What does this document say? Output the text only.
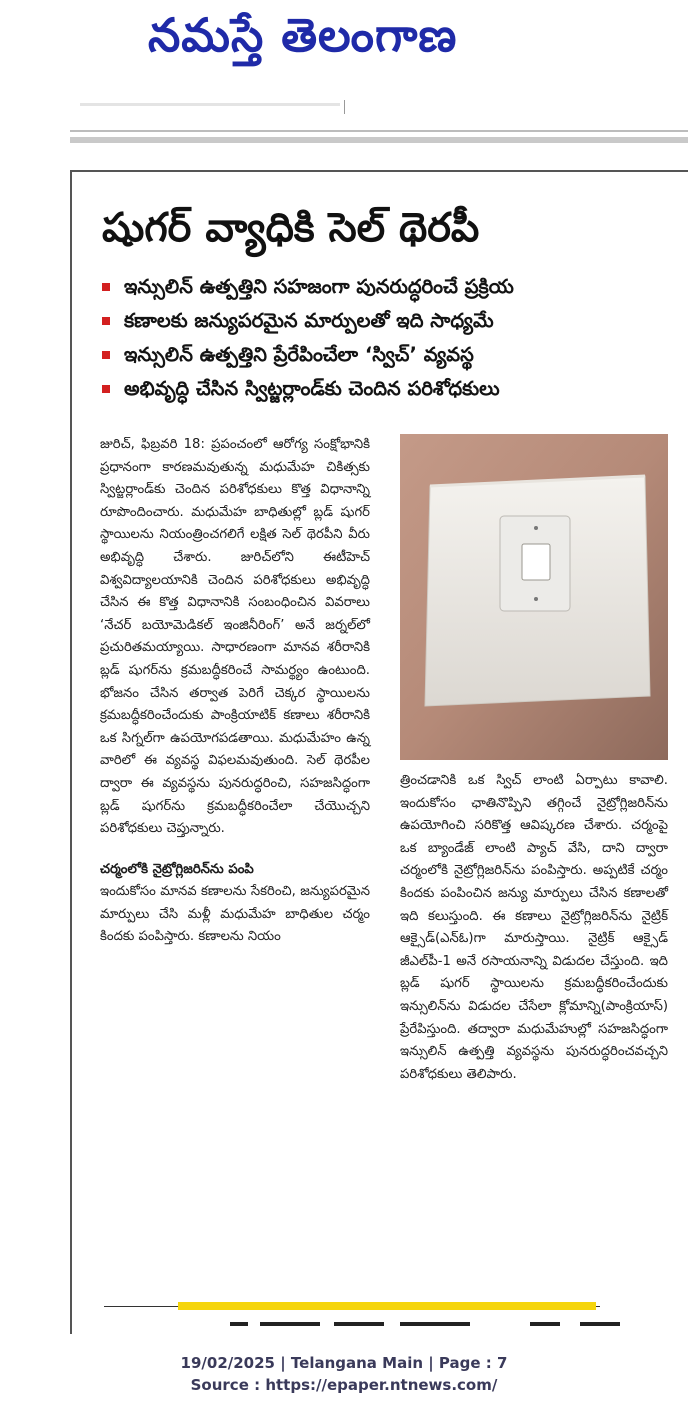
నమస్తే తెలంగాణ
షుగర్ వ్యాధికి సెల్ థెరపీ
ఇన్సులిన్ ఉత్పత్తిని సహజంగా పునరుద్ధరించే ప్రక్రియ
కణాలకు జన్యుపరమైన మార్పులతో ఇది సాధ్యమే
ఇన్సులిన్ ఉత్పత్తిని ప్రేరేపించేలా ‘స్విచ్’ వ్యవస్థ
అభివృద్ధి చేసిన స్విట్జర్లాండ్‌కు చెందిన పరిశోధకులు

జురిచ్, ఫిబ్రవరి 18: ప్రపంచంలో ఆరోగ్య సంక్షోభానికి ప్రధానంగా కారణమవుతున్న మధుమేహ చికిత్సకు స్విట్జర్లాండ్‌కు చెందిన పరిశోధకులు కొత్త విధానాన్ని రూపొందించారు. మధుమేహ బాధితుల్లో బ్లడ్ షుగర్ స్థాయిలను నియంత్రించగలిగే లక్షిత సెల్ థెరపీని వీరు అభివృద్ధి చేశారు. జురిచ్‌లోని ఈటీహెచ్ విశ్వవిద్యాలయానికి చెందిన పరిశోధకులు అభివృద్ధి చేసిన ఈ కొత్త విధానానికి సంబంధించిన వివరాలు ‘నేచర్ బయోమెడికల్ ఇంజినీరింగ్’ అనే జర్నల్‌లో ప్రచురితమయ్యాయి. సాధారణంగా మానవ శరీరానికి బ్లడ్ షుగర్‌ను క్రమబద్ధీకరించే సామర్థ్యం ఉంటుంది. భోజనం చేసిన తర్వాత పెరిగే చెక్కర స్థాయిలను క్రమబద్ధీకరించేందుకు పాంక్రియాటిక్ కణాలు శరీరానికి ఒక సిగ్నల్‌గా ఉపయోగపడతాయి. మధుమేహం ఉన్న వారిలో ఈ వ్యవస్థ విఫలమవుతుంది. సెల్ థెరపీల ద్వారా ఈ వ్యవస్థను పునరుద్ధరించి, సహజసిద్ధంగా బ్లడ్ షుగర్‌ను క్రమబద్ధీకరించేలా చేయొచ్చని పరిశోధకులు చెప్తున్నారు.

చర్మంలోకి నైట్రోగ్లిజరిన్‌ను పంపి

ఇందుకోసం మానవ కణాలను సేకరించి, జన్యుపరమైన మార్పులు చేసి మళ్లీ మధుమేహ బాధితుల చర్మం కిందకు పంపిస్తారు. కణాలను నియం

త్రించడానికి ఒక స్విచ్ లాంటి ఏర్పాటు కావాలి. ఇందుకోసం ఛాతినొప్పిని తగ్గించే నైట్రోగ్లిజరిన్‌ను ఉపయోగించి సరికొత్త ఆవిష్కరణ చేశారు. చర్మంపై ఒక బ్యాండేజ్ లాంటి ప్యాచ్ వేసి, దాని ద్వారా చర్మంలోకి నైట్రోగ్లిజరిన్‌ను పంపిస్తారు. అప్పటికే చర్మం కిందకు పంపించిన జన్యు మార్పులు చేసిన కణాలతో ఇది కలుస్తుంది. ఈ కణాలు నైట్రోగ్లిజరిన్‌ను నైట్రిక్ ఆక్సైడ్(ఎన్ఓ)గా మారుస్తాయి. నైట్రిక్ ఆక్సైడ్ జీఎల్‌పీ-1 అనే రసాయనాన్ని విడుదల చేస్తుంది. ఇది బ్లడ్ షుగర్ స్థాయిలను క్రమబద్ధీకరించేందుకు ఇన్సులిన్‌ను విడుదల చేసేలా క్లోమాన్ని(పాంక్రియాస్) ప్రేరేపిస్తుంది. తద్వారా మధుమేహుల్లో సహజసిద్ధంగా ఇన్సులిన్ ఉత్పత్తి వ్యవస్థను పునరుద్ధరించవచ్చని పరిశోధకులు తెలిపారు.

19/02/2025 | Telangana Main | Page : 7
Source : https://epaper.ntnews.com/
